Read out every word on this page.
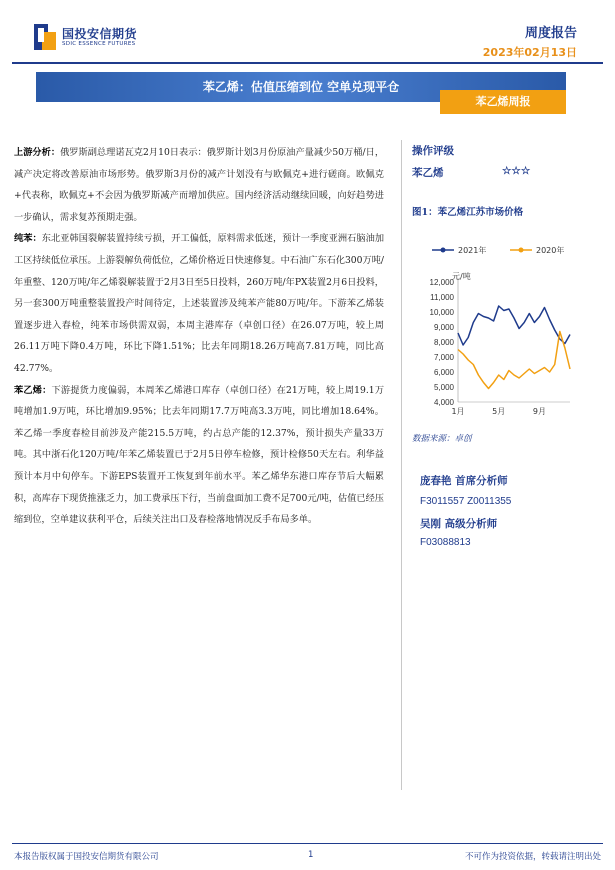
国投安信期货
SDIC ESSENCE FUTURES
周度报告
2023年02月13日
苯乙烯：估值压缩到位 空单兑现平仓
苯乙烯周报

上游分析：俄罗斯副总理诺瓦克2月10日表示：俄罗斯计划3月份原油产量减少50万桶/日，减产决定将改善原油市场形势。俄罗斯3月份的减产计划没有与欧佩克+进行磋商。欧佩克+代表称，欧佩克+不会因为俄罗斯减产而增加供应。国内经济活动继续回暖，向好趋势进一步确认，需求复苏预期走强。

纯苯：东北亚韩国裂解装置持续亏损，开工偏低，原料需求低迷，预计一季度亚洲石脑油加工区持续低位承压。上游裂解负荷低位，乙烯价格近日快速修复。中石油广东石化300万吨/年重整、120万吨/年乙烯裂解装置于2月3日至5日投料，260万吨/年PX装置2月6日投料，另一套300万吨重整装置投产时间待定，上述装置涉及纯苯产能80万吨/年。下游苯乙烯装置逐步进入春检，纯苯市场供需双弱，本周主港库存（卓创口径）在26.07万吨，较上周26.11万吨下降0.4万吨，环比下降1.51%；比去年同期18.26万吨高7.81万吨，同比高42.77%。

苯乙烯：下游提货力度偏弱，本周苯乙烯港口库存（卓创口径）在21万吨，较上周19.1万吨增加1.9万吨，环比增加9.95%；比去年同期17.7万吨高3.3万吨，同比增加18.64%。苯乙烯一季度春检目前涉及产能215.5万吨，约占总产能的12.37%，预计损失产量33万吨。其中浙石化120万吨/年苯乙烯装置已于2月5日停车检修，预计检修50天左右。利华益预计本月中旬停车。下游EPS装置开工恢复到年前水平。苯乙烯华东港口库存节后大幅累积，高库存下现货推涨乏力，加工费承压下行，当前盘面加工费不足700元/吨，估值已经压缩到位，空单建议获利平仓，后续关注出口及春检落地情况反手布局多单。

操作评级
苯乙烯	☆☆☆
图1：苯乙烯江苏市场价格
4,000
5,000
6,000
7,000
8,000
9,000
10,000
11,000
12,000
元/吨
1月	5月	9月
2021年	2020年
数据来源：卓创
庞春艳 首席分析师
F3011557 Z0011355
吴刚 高级分析师
F03088813
本报告版权属于国投安信期货有限公司	1	不可作为投资依据，转载请注明出处
